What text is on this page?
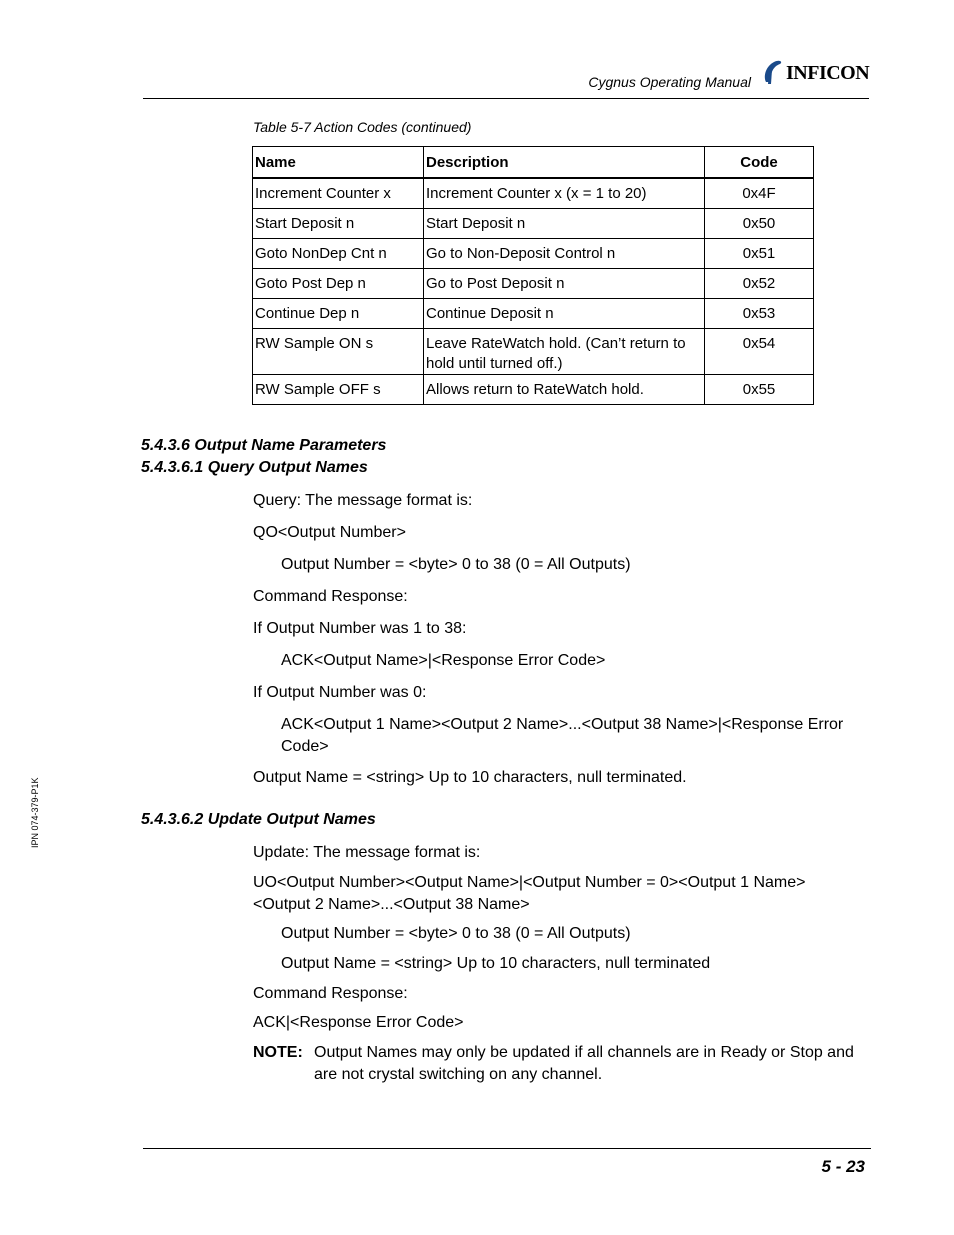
Cygnus Operating Manual INFICON
Table 5-7 Action Codes (continued)
Name	Description	Code
Increment Counter x	Increment Counter x (x = 1 to 20)	0x4F
Start Deposit n	Start Deposit n	0x50
Goto NonDep Cnt n	Go to Non-Deposit Control n	0x51
Goto Post Dep n	Go to Post Deposit n	0x52
Continue Dep n	Continue Deposit n	0x53
RW Sample ON s	Leave RateWatch hold. (Can’t return to hold until turned off.)	0x54
RW Sample OFF s	Allows return to RateWatch hold.	0x55
5.4.3.6 Output Name Parameters
5.4.3.6.1 Query Output Names
Query: The message format is:
QO<Output Number>
Output Number = <byte> 0 to 38 (0 = All Outputs)
Command Response:
If Output Number was 1 to 38:
ACK<Output Name>|<Response Error Code>
If Output Number was 0:
ACK<Output 1 Name><Output 2 Name>...<Output 38 Name>|<Response Error Code>
Output Name = <string> Up to 10 characters, null terminated.
5.4.3.6.2 Update Output Names
Update: The message format is:
UO<Output Number><Output Name>|<Output Number = 0><Output 1 Name><Output 2 Name>...<Output 38 Name>
Output Number = <byte> 0 to 38 (0 = All Outputs)
Output Name = <string> Up to 10 characters, null terminated
Command Response:
ACK|<Response Error Code>
NOTE: Output Names may only be updated if all channels are in Ready or Stop and are not crystal switching on any channel.
IPN 074-379-P1K
5 - 23
